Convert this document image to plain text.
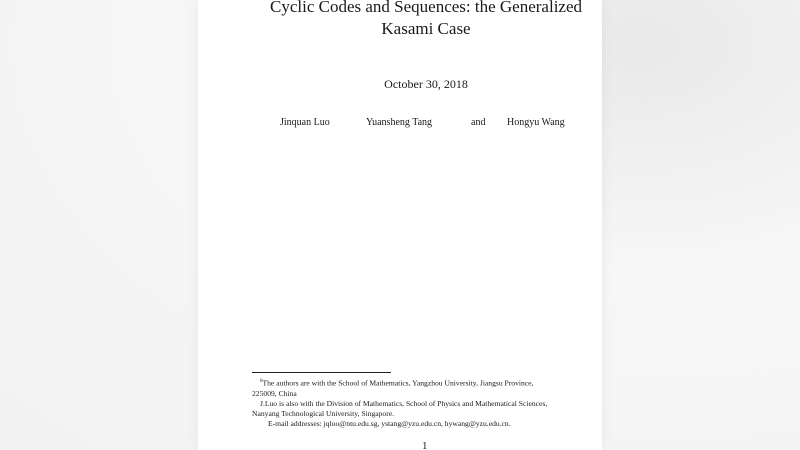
Cyclic Codes and Sequences: the Generalized
Kasami Case
October 30, 2018
Jinquan Luo	Yuansheng Tang	and Hongyu Wang
$^0$The authors are with the School of Mathematics, Yangzhou University, Jiangsu Province,
225009, China
J.Luo is also with the Division of Mathematics, School of Physics and Mathematical Sciences,
Nanyang Technological University, Singapore.
E-mail addresses: jqluo@ntu.edu.sg, ystang@yzu.edu.cn, hywang@yzu.edu.cn.
1
